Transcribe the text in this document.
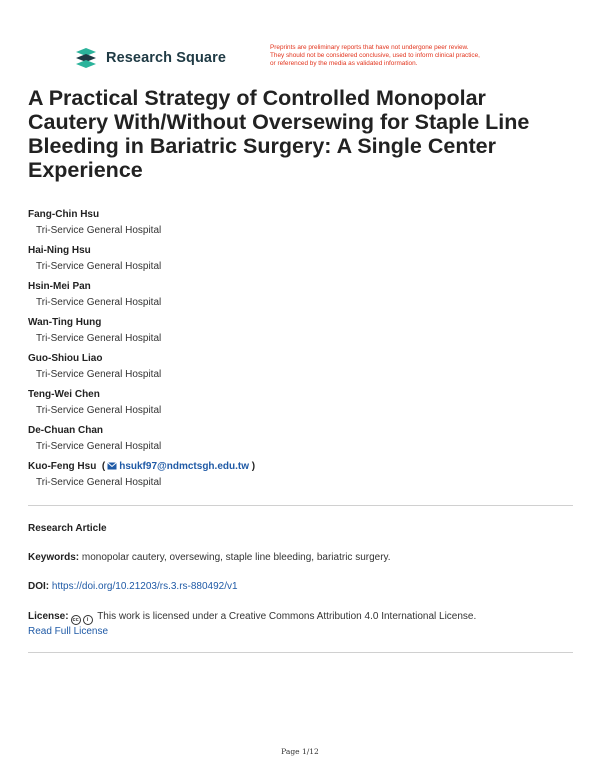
Research Square
Preprints are preliminary reports that have not undergone peer review.
They should not be considered conclusive, used to inform clinical practice,
or referenced by the media as validated information.
A Practical Strategy of Controlled Monopolar Cautery With/Without Oversewing for Staple Line Bleeding in Bariatric Surgery: A Single Center Experience
Fang-Chin Hsu
Tri-Service General Hospital
Hai-Ning Hsu
Tri-Service General Hospital
Hsin-Mei Pan
Tri-Service General Hospital
Wan-Ting Hung
Tri-Service General Hospital
Guo-Shiou Liao
Tri-Service General Hospital
Teng-Wei Chen
Tri-Service General Hospital
De-Chuan Chan
Tri-Service General Hospital
Kuo-Feng Hsu  ( hsukf97@ndmctsgh.edu.tw )
Tri-Service General Hospital
Research Article
Keywords: monopolar cautery, oversewing, staple line bleeding, bariatric surgery.
DOI: https://doi.org/10.21203/rs.3.rs-880492/v1
License: cc	i This work is licensed under a Creative Commons Attribution 4.0 International License.
Read Full License
Page 1/12
